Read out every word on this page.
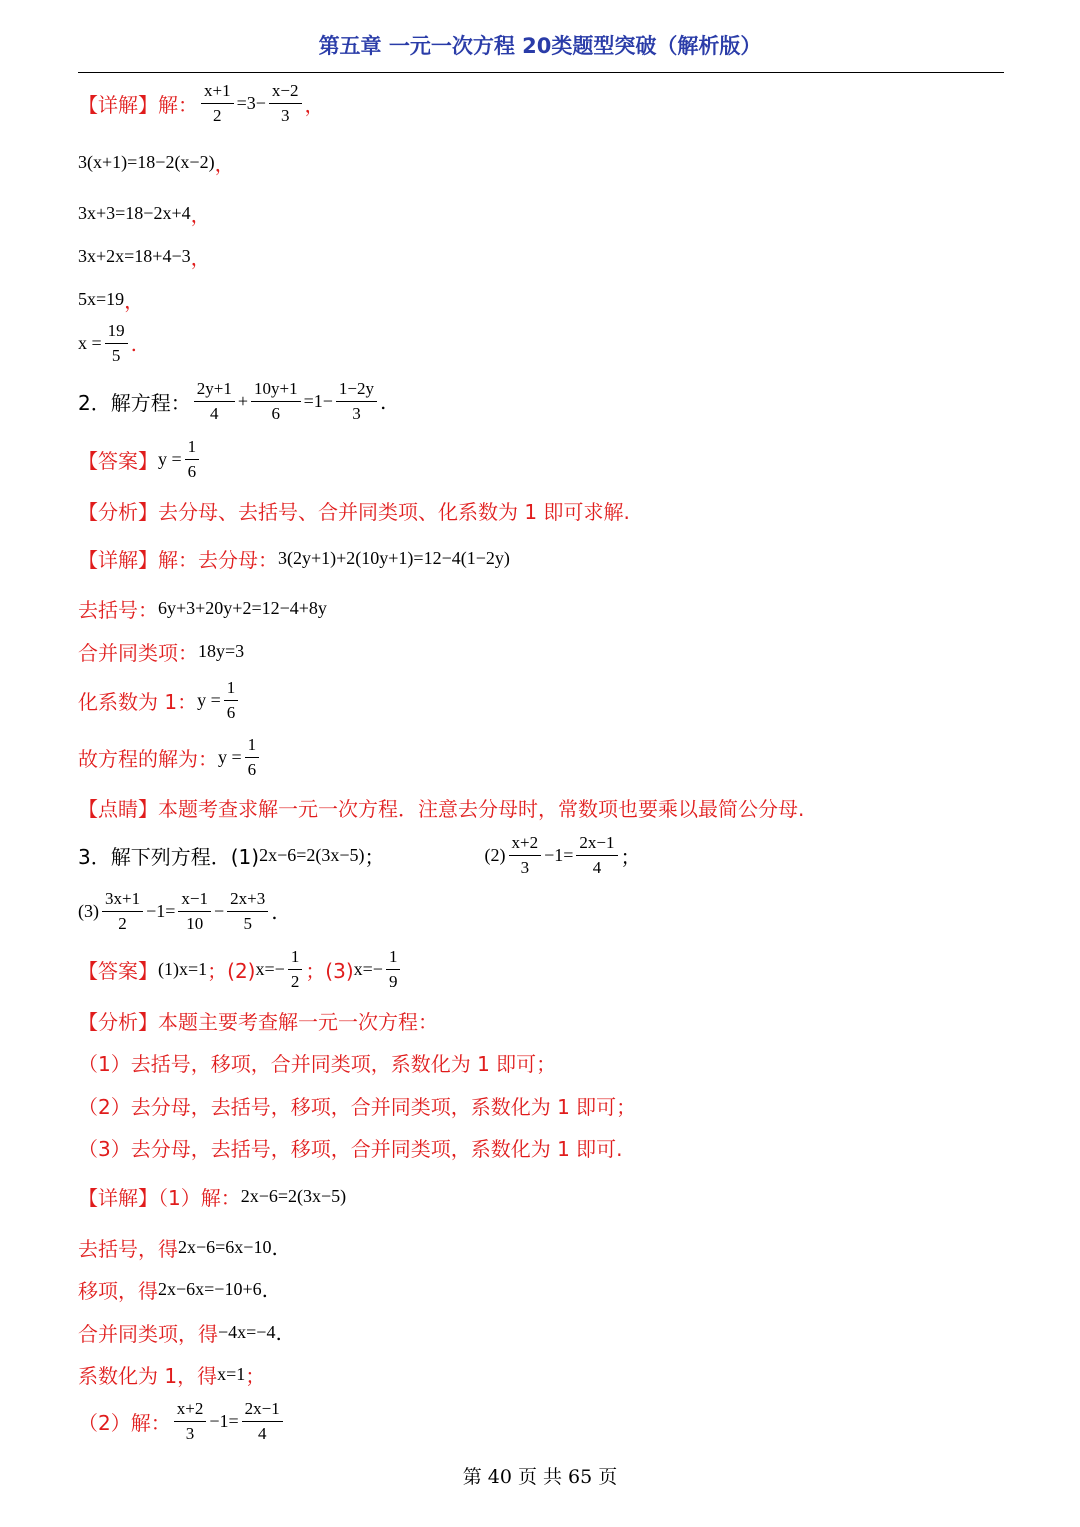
第五章 一元一次方程 20类题型突破（解析版）
【详解】解： $\frac{x+1}{2} =3- \frac{x-2}{3}$ ，
3(x+1)=18−2(x−2) ，
3x+3=18−2x+4 ，
3x+2x=18+4−3 ，
5x=19 ，
$x = \frac{19}{5}$ .
2．解方程： $\frac{2y+1}{4} + \frac{10y+1}{6} =1- \frac{1-2y}{3}$ .
【答案】 $y = \frac{1}{6}$
【分析】去分母、去括号、合并同类项、化系数为 1 即可求解.
【详解】解：去分母： 3(2y+1)+2(10y+1)=12−4(1−2y)
去括号： 6y+3+20y+2=12−4+8y
合并同类项： 18y=3
化系数为 1： $y = \frac{1}{6}$
故方程的解为： $y = \frac{1}{6}$
【点睛】本题考查求解一元一次方程．注意去分母时，常数项也要乘以最简公分母.
3．解下列方程．(1) 2x−6=2(3x−5) ；	$(2) \frac{x+2}{3} -1= \frac{2x-1}{4}$ ；
$(3) \frac{3x+1}{2} -1= \frac{x-1}{10} - \frac{2x+3}{5}$ .
【答案】 (1) x=1 ；(2) $x=- \frac{1}{2}$ ；(3) $x=- \frac{1}{9}$
【分析】本题主要考查解一元一次方程：
（1）去括号，移项，合并同类项，系数化为 1 即可；
（2）去分母，去括号，移项，合并同类项，系数化为 1 即可；
（3）去分母，去括号，移项，合并同类项，系数化为 1 即可.
【详解】（1）解： 2x−6=2(3x−5)
去括号，得 2x−6=6x−10 .
移项，得 2x−6x=−10+6 .
合并同类项，得 −4x=−4 .
系数化为 1，得 x=1 ；
（2）解： $\frac{x+2}{3} -1= \frac{2x-1}{4}$
第 40 页 共 65 页
